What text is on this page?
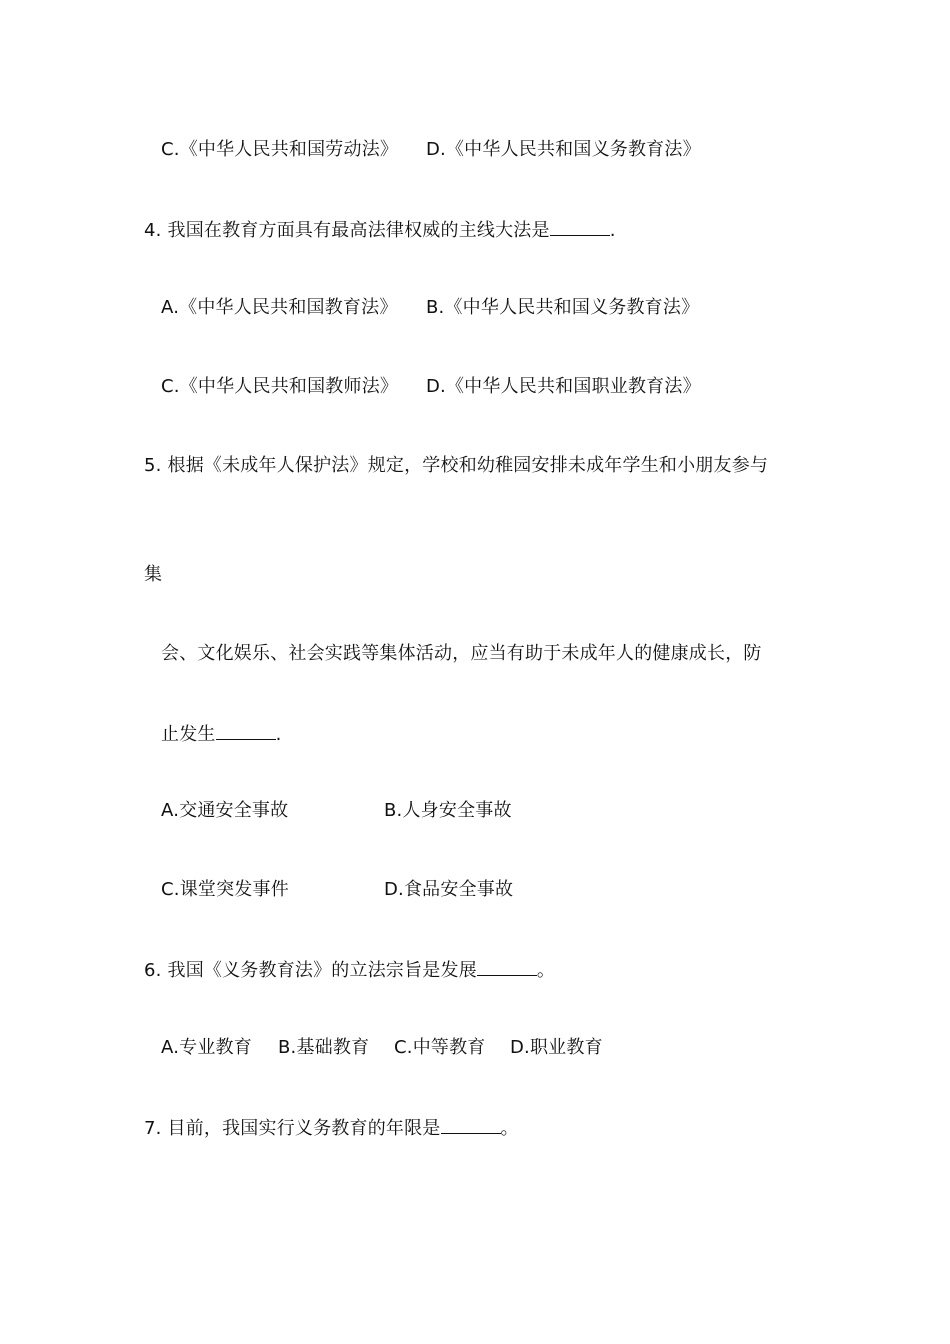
C.《中华人民共和国劳动法》 D.《中华人民共和国义务教育法》
4. 我国在教育方面具有最高法律权威的主线大法是	.
A.《中华人民共和国教育法》 B.《中华人民共和国义务教育法》
C.《中华人民共和国教师法》 D.《中华人民共和国职业教育法》
5. 根据《未成年人保护法》规定，学校和幼稚园安排未成年学生和小朋友参与
集
会、文化娱乐、社会实践等集体活动，应当有助于未成年人的健康成长，防
止发生	.
A.交通安全事故	B.人身安全事故
C.课堂突发事件	D.食品安全事故
6. 我国《义务教育法》的立法宗旨是发展	。
A.专业教育 B.基础教育 C.中等教育 D.职业教育
7. 目前，我国实行义务教育的年限是	。
